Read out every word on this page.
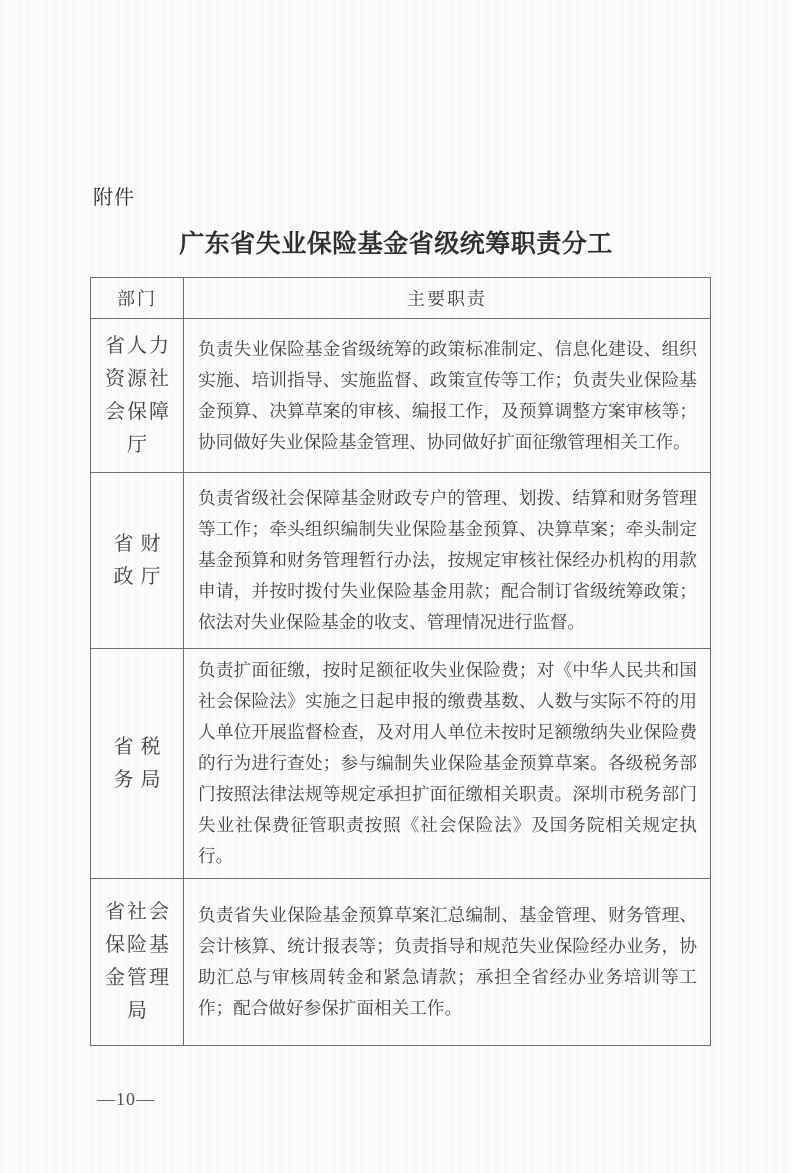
附件
广东省失业保险基金省级统筹职责分工
部门	主要职责

省人力
资源社
会保障
厅	负责失业保险基金省级统筹的政策标准制定、信息化建设、组织实施、培训指导、实施监督、政策宣传等工作；负责失业保险基金预算、决算草案的审核、编报工作，及预算调整方案审核等；协同做好失业保险基金管理、协同做好扩面征缴管理相关工作。

省财
政厅	负责省级社会保障基金财政专户的管理、划拨、结算和财务管理等工作；牵头组织编制失业保险基金预算、决算草案；牵头制定基金预算和财务管理暂行办法，按规定审核社保经办机构的用款申请，并按时拨付失业保险基金用款；配合制订省级统筹政策；依法对失业保险基金的收支、管理情况进行监督。

省税
务局	负责扩面征缴，按时足额征收失业保险费；对《中华人民共和国社会保险法》实施之日起申报的缴费基数、人数与实际不符的用人单位开展监督检查，及对用人单位未按时足额缴纳失业保险费的行为进行查处；参与编制失业保险基金预算草案。各级税务部门按照法律法规等规定承担扩面征缴相关职责。深圳市税务部门失业社保费征管职责按照《社会保险法》及国务院相关规定执行。

省社会
保险基
金管理
局	负责省失业保险基金预算草案汇总编制、基金管理、财务管理、会计核算、统计报表等；负责指导和规范失业保险经办业务，协助汇总与审核周转金和紧急请款；承担全省经办业务培训等工作；配合做好参保扩面相关工作。
—10—
